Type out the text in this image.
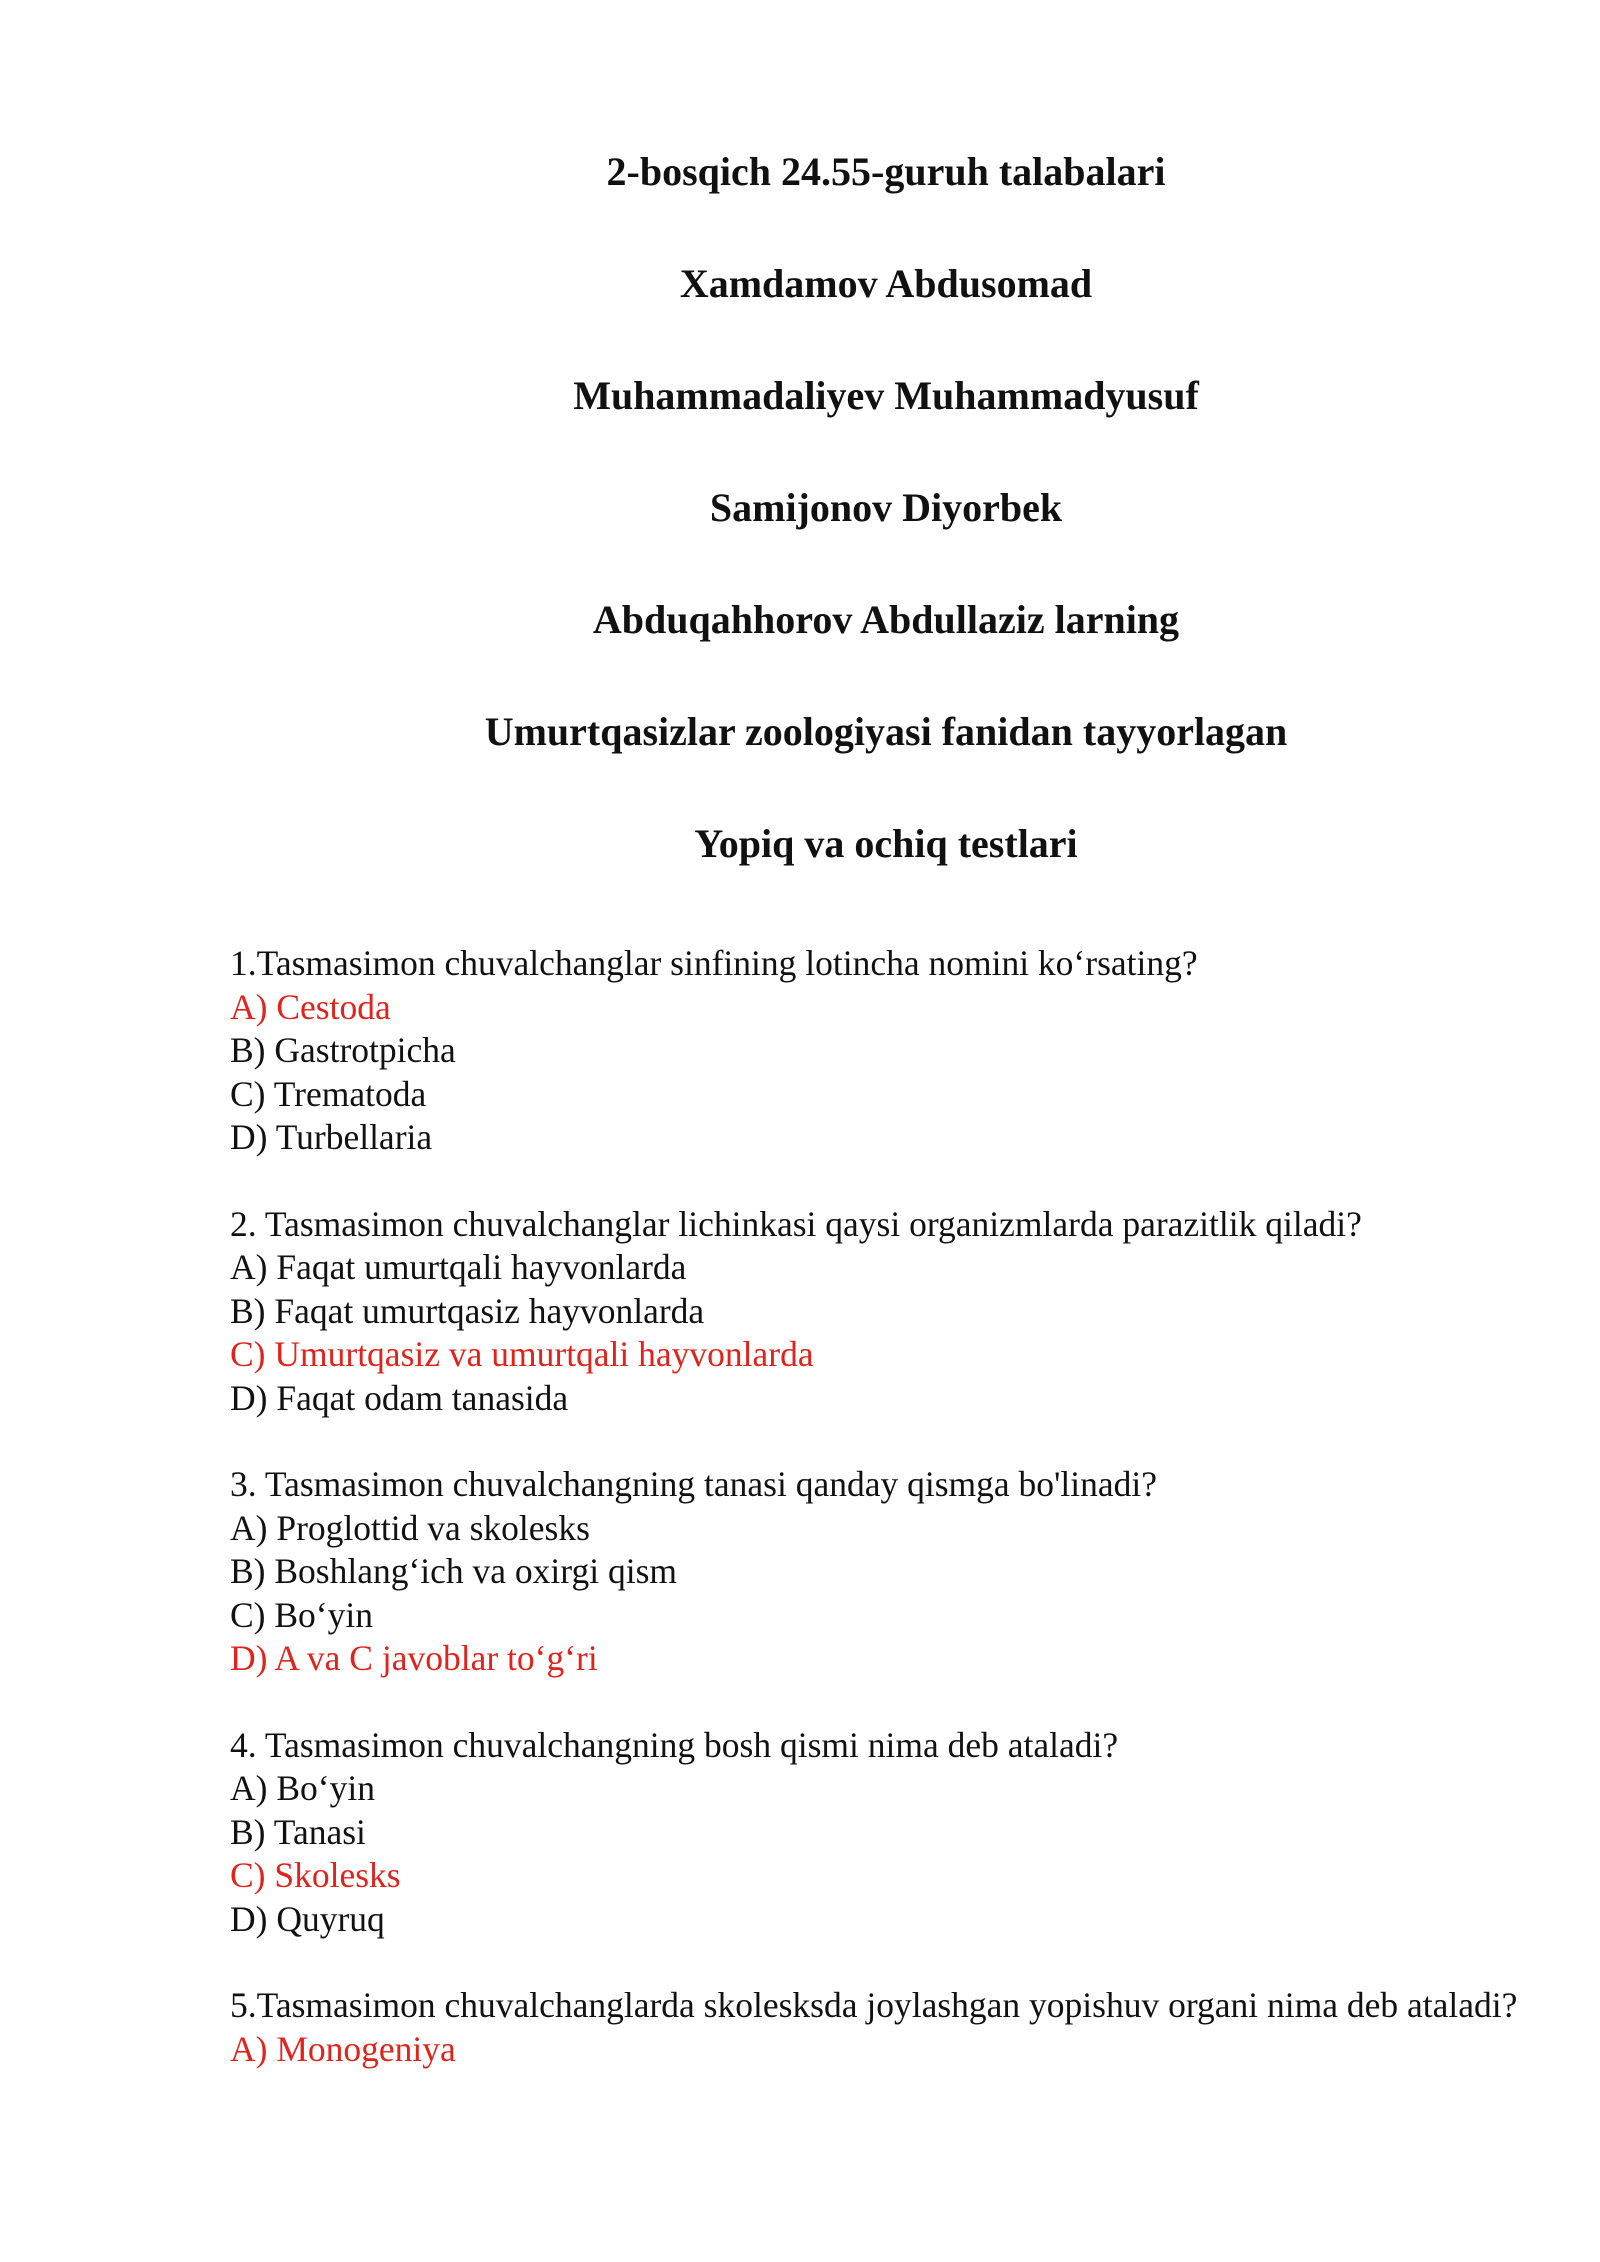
2-bosqich 24.55-guruh talabalari
Xamdamov Abdusomad
Muhammadaliyev Muhammadyusuf
Samijonov Diyorbek
Abduqahhorov Abdullaziz larning
Umurtqasizlar zoologiyasi fanidan tayyorlagan
Yopiq va ochiq testlari
1.Tasmasimon chuvalchanglar sinfining lotincha nomini ko‘rsating?
A) Cestoda
B) Gastrotpicha
C) Trematoda
D) Turbellaria
2. Tasmasimon chuvalchanglar lichinkasi qaysi organizmlarda parazitlik qiladi?
A) Faqat umurtqali hayvonlarda
B) Faqat umurtqasiz hayvonlarda
C) Umurtqasiz va umurtqali hayvonlarda
D) Faqat odam tanasida
3. Tasmasimon chuvalchangning tanasi qanday qismga bo'linadi?
A) Proglottid va skolesks
B) Boshlang‘ich va oxirgi qism
C) Bo‘yin
D) A va C javoblar to‘g‘ri
4. Tasmasimon chuvalchangning bosh qismi nima deb ataladi?
A) Bo‘yin
B) Tanasi
C) Skolesks
D) Quyruq
5.Tasmasimon chuvalchanglarda skolesksda joylashgan yopishuv organi nima deb ataladi?
A) Monogeniya
